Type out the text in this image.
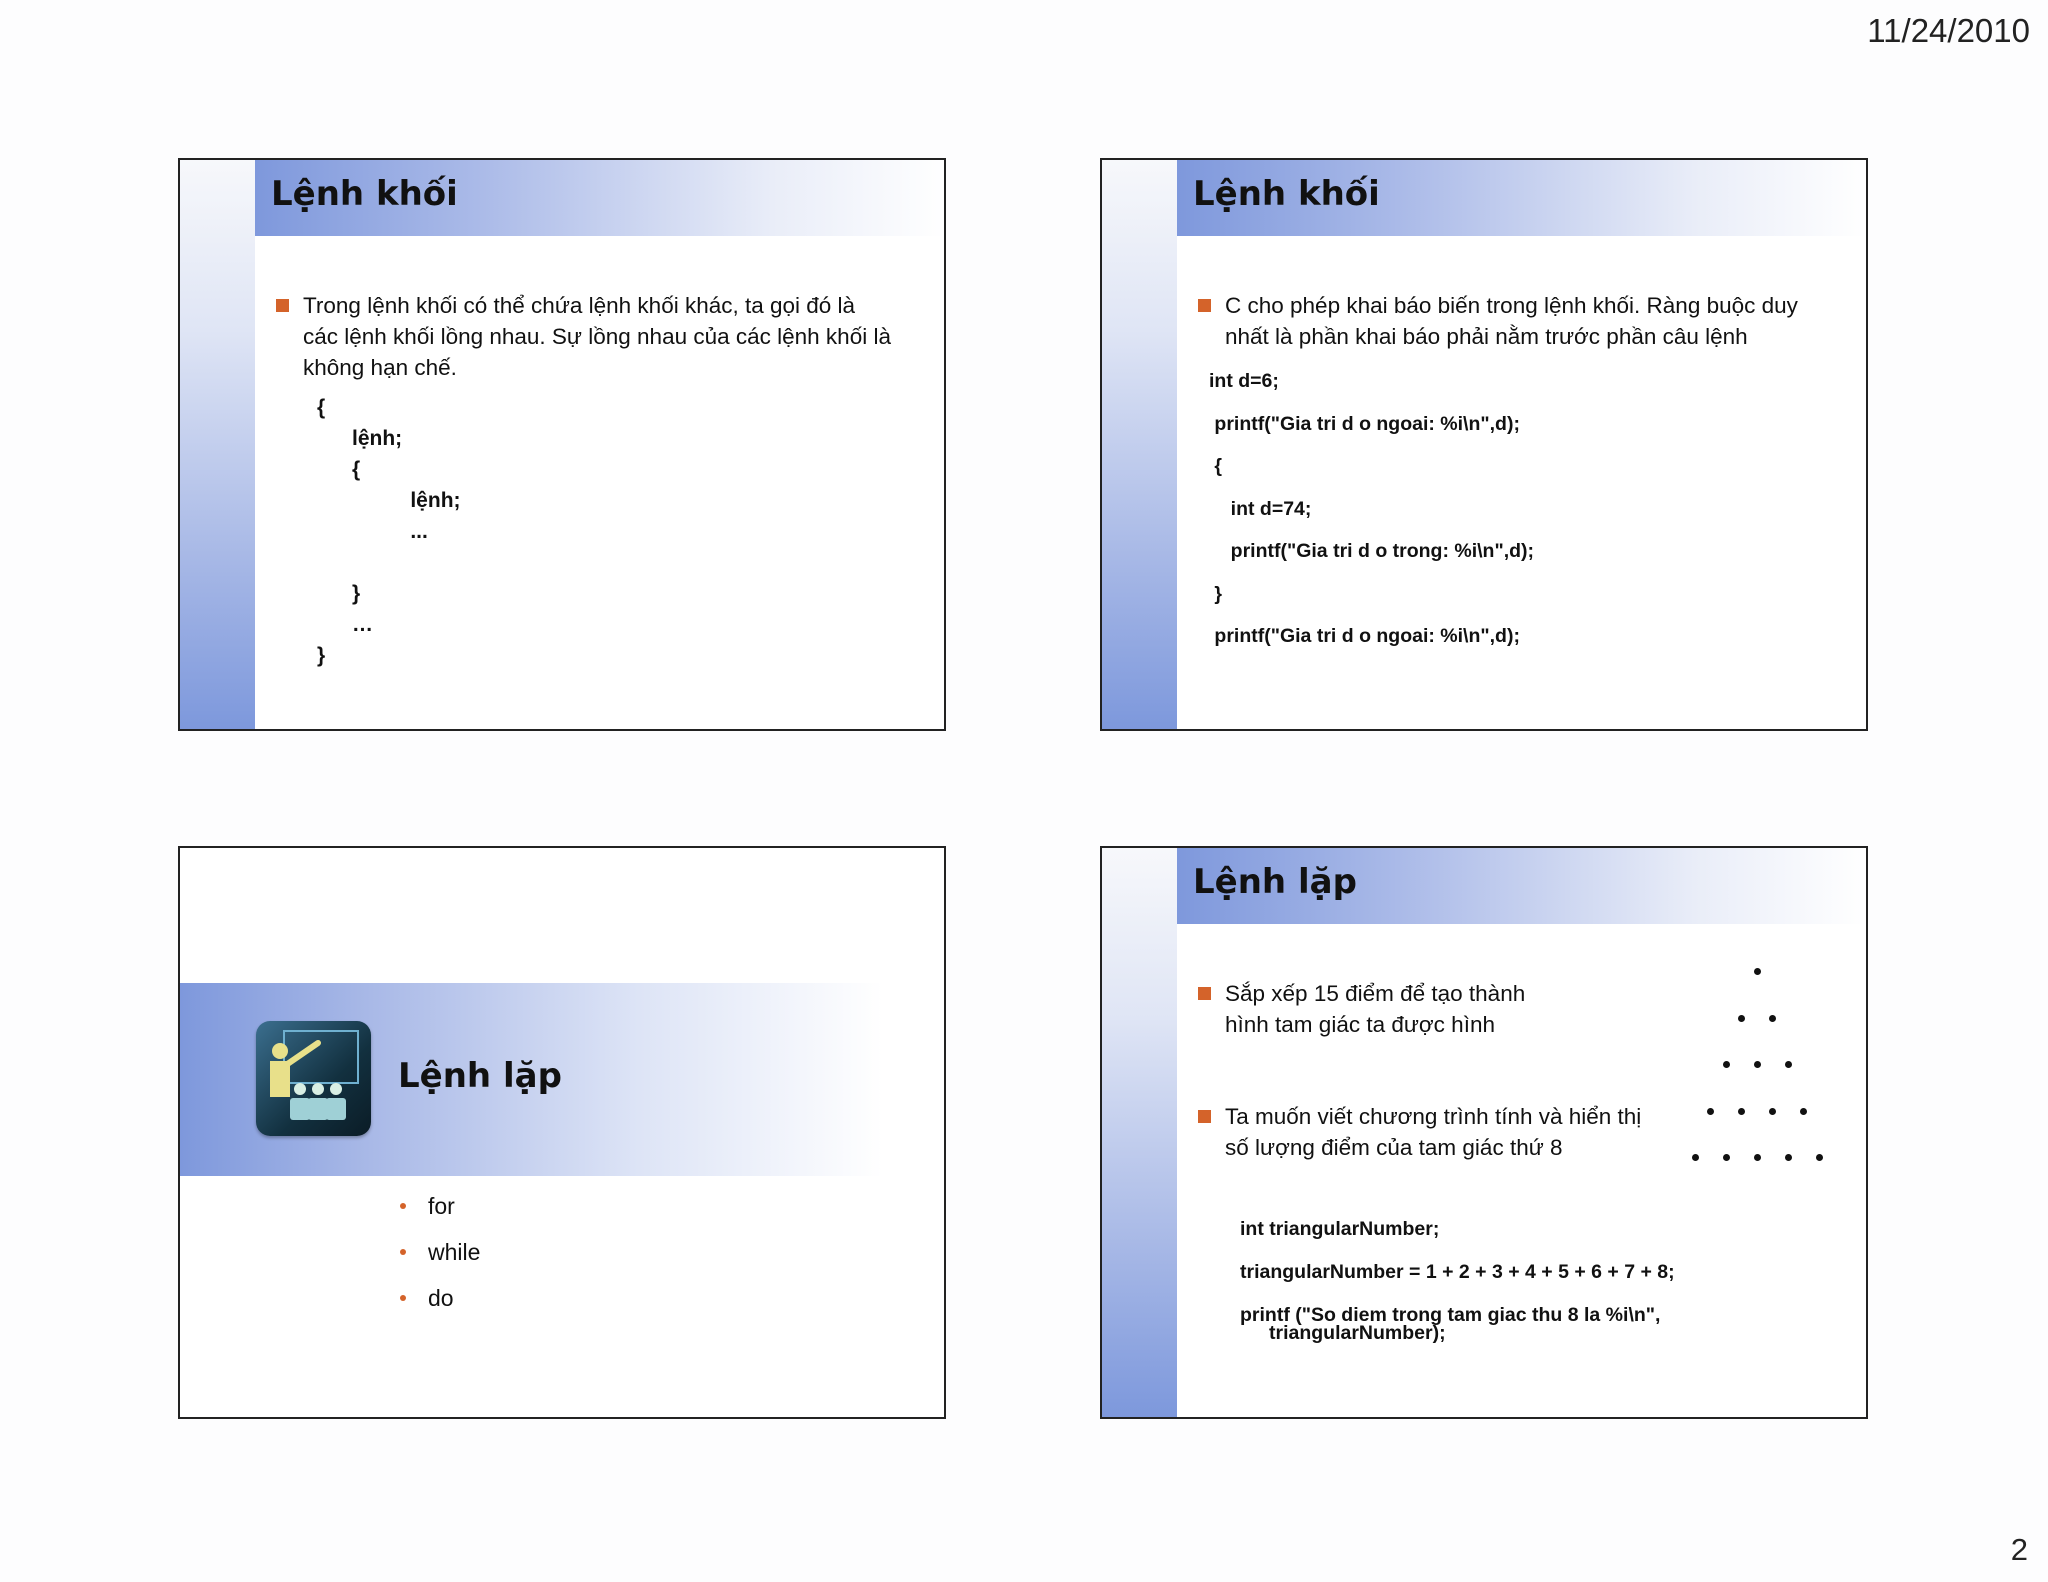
11/24/2010
Lệnh khối
Trong lệnh khối có thể chứa lệnh khối khác, ta gọi đó là
các lệnh khối lồng nhau. Sự lồng nhau của các lệnh khối là
không hạn chế.
{
lệnh;
{
lệnh;
...

}
…
}
Lệnh khối
C cho phép khai báo biến trong lệnh khối. Ràng buộc duy
nhất là phần khai báo phải nằm trước phần câu lệnh
int d=6;
printf("Gia tri d o ngoai: %i\n",d);
{
int d=74;
printf("Gia tri d o trong: %i\n",d);
}
printf("Gia tri d o ngoai: %i\n",d);
Lệnh lặp
for
while
do
Lệnh lặp
Sắp xếp 15 điểm để tạo thành
hình tam giác ta được hình
Ta muốn viết chương trình tính và hiển thị
số lượng điểm của tam giác thứ 8
int triangularNumber;
triangularNumber = 1 + 2 + 3 + 4 + 5 + 6 + 7 + 8;
printf ("So diem trong tam giac thu 8 la %i\n",
triangularNumber);
2
